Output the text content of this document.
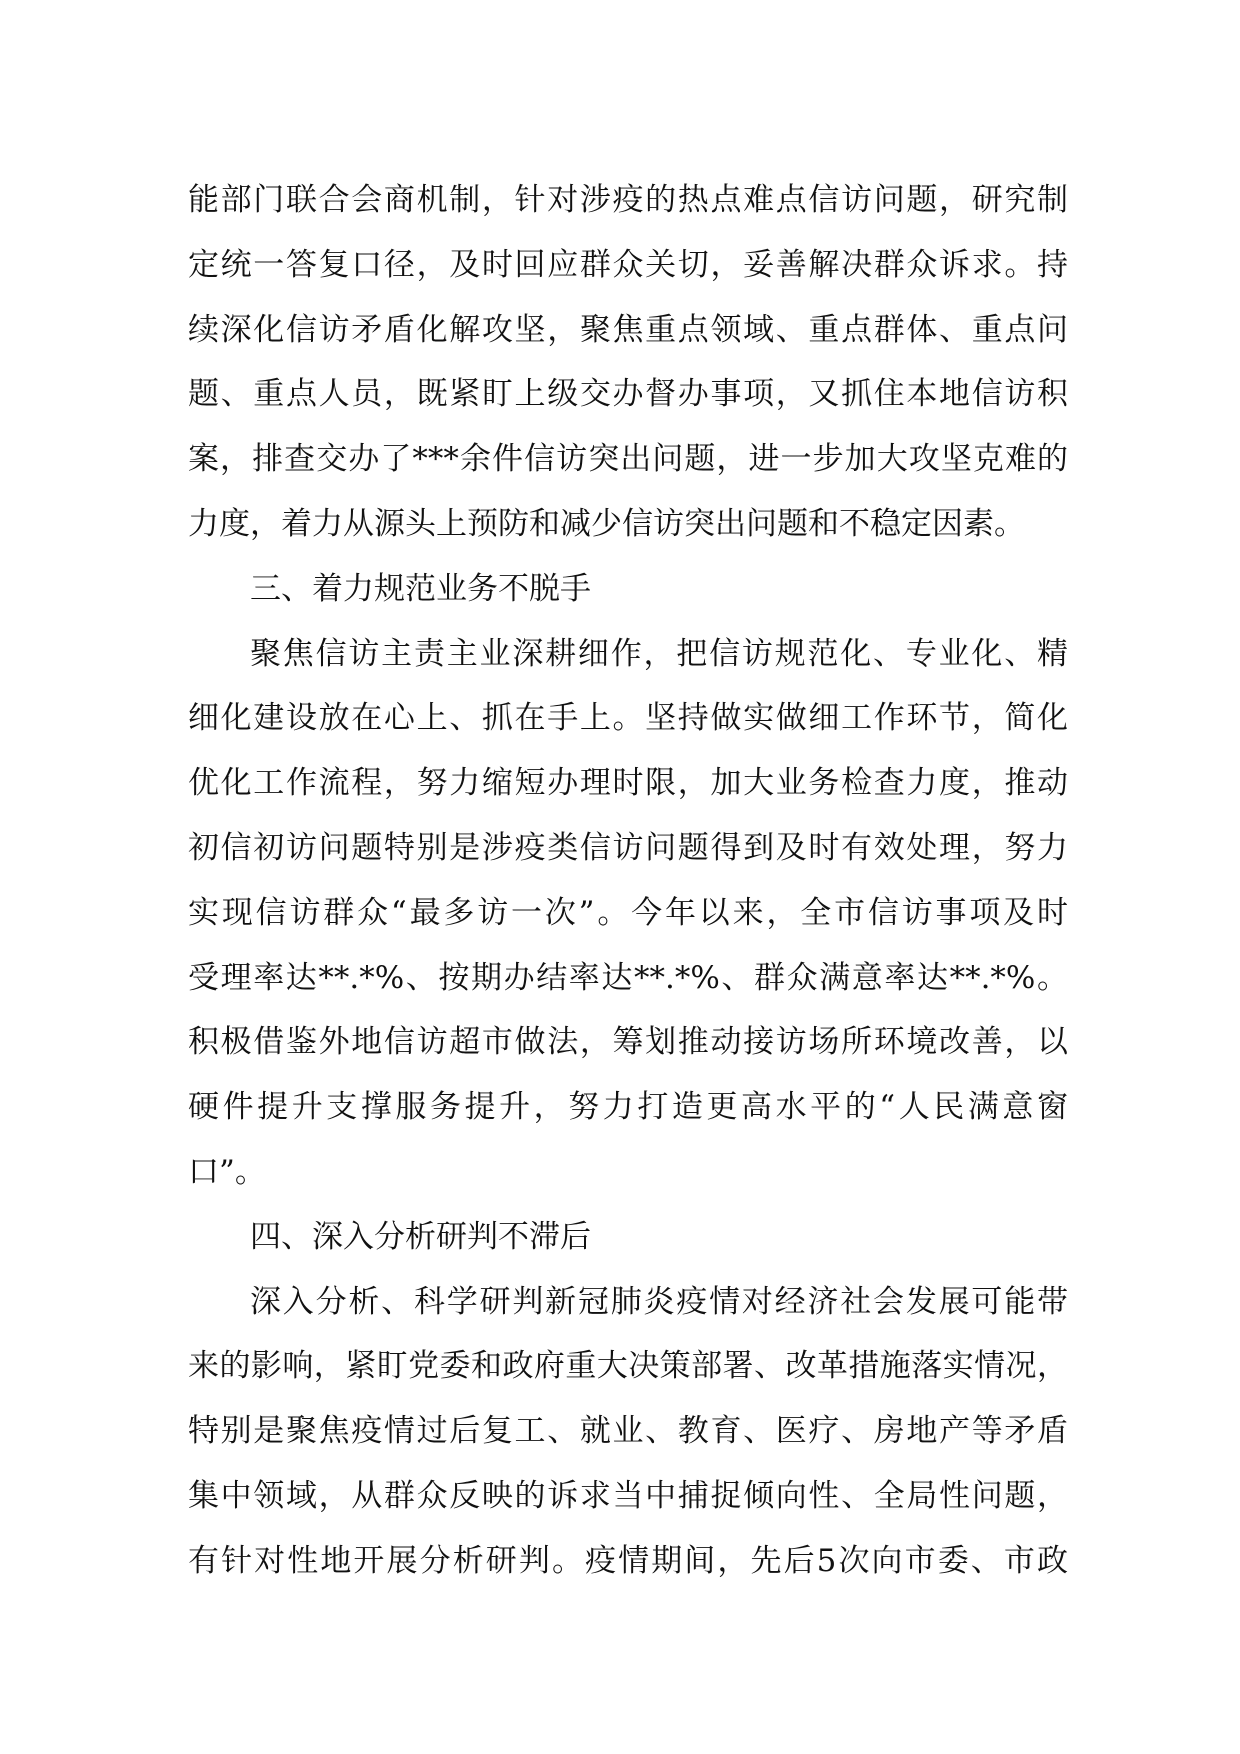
能部门联合会商机制，针对涉疫的热点难点信访问题，研究制
定统一答复口径，及时回应群众关切，妥善解决群众诉求。持
续深化信访矛盾化解攻坚，聚焦重点领域、重点群体、重点问
题、重点人员，既紧盯上级交办督办事项，又抓住本地信访积
案，排查交办了***余件信访突出问题，进一步加大攻坚克难的
力度，着力从源头上预防和减少信访突出问题和不稳定因素。
三、着力规范业务不脱手
聚焦信访主责主业深耕细作，把信访规范化、专业化、精
细化建设放在心上、抓在手上。坚持做实做细工作环节，简化
优化工作流程，努力缩短办理时限，加大业务检查力度，推动
初信初访问题特别是涉疫类信访问题得到及时有效处理，努力
实现信访群众“最多访一次”。今年以来，全市信访事项及时
受理率达**.*%、按期办结率达**.*%、群众满意率达**.*%。
积极借鉴外地信访超市做法，筹划推动接访场所环境改善，以
硬件提升支撑服务提升，努力打造更高水平的“人民满意窗
口”。
四、深入分析研判不滞后
深入分析、科学研判新冠肺炎疫情对经济社会发展可能带
来的影响，紧盯党委和政府重大决策部署、改革措施落实情况，
特别是聚焦疫情过后复工、就业、教育、医疗、房地产等矛盾
集中领域，从群众反映的诉求当中捕捉倾向性、全局性问题，
有针对性地开展分析研判。疫情期间，先后5次向市委、市政
